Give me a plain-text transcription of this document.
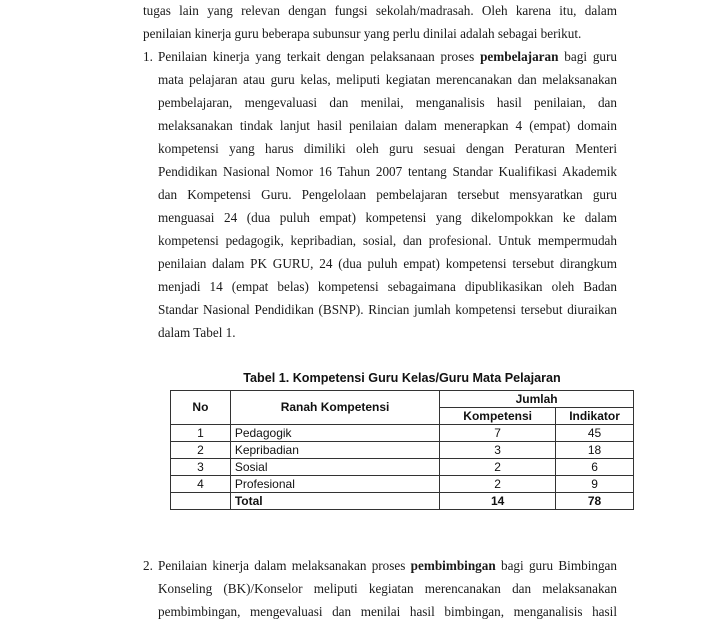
tugas lain yang relevan dengan fungsi sekolah/madrasah. Oleh karena itu, dalam
penilaian kinerja guru beberapa subunsur yang perlu dinilai adalah sebagai berikut.
1. Penilaian kinerja yang terkait dengan pelaksanaan proses pembelajaran bagi guru
mata pelajaran atau guru kelas, meliputi kegiatan merencanakan dan melaksanakan
pembelajaran, mengevaluasi dan menilai, menganalisis hasil penilaian, dan
melaksanakan tindak lanjut hasil penilaian dalam menerapkan 4 (empat) domain
kompetensi yang harus dimiliki oleh guru sesuai dengan Peraturan Menteri
Pendidikan Nasional Nomor 16 Tahun 2007 tentang Standar Kualifikasi Akademik
dan Kompetensi Guru. Pengelolaan pembelajaran tersebut mensyaratkan guru
menguasai 24 (dua puluh empat) kompetensi yang dikelompokkan ke dalam
kompetensi pedagogik, kepribadian, sosial, dan profesional. Untuk mempermudah
penilaian dalam PK GURU, 24 (dua puluh empat) kompetensi tersebut dirangkum
menjadi 14 (empat belas) kompetensi sebagaimana dipublikasikan oleh Badan
Standar Nasional Pendidikan (BSNP). Rincian jumlah kompetensi tersebut diuraikan
dalam Tabel 1.
Tabel 1. Kompetensi Guru Kelas/Guru Mata Pelajaran
No	Ranah Kompetensi	Jumlah	
		Kompetensi	Indikator
1	Pedagogik	7	45
2	Kepribadian	3	18
3	Sosial	2	6
4	Profesional	2	9
	Total	14	78
2. Penilaian kinerja dalam melaksanakan proses pembimbingan bagi guru Bimbingan
Konseling (BK)/Konselor meliputi kegiatan merencanakan dan melaksanakan
pembimbingan, mengevaluasi dan menilai hasil bimbingan, menganalisis hasil
